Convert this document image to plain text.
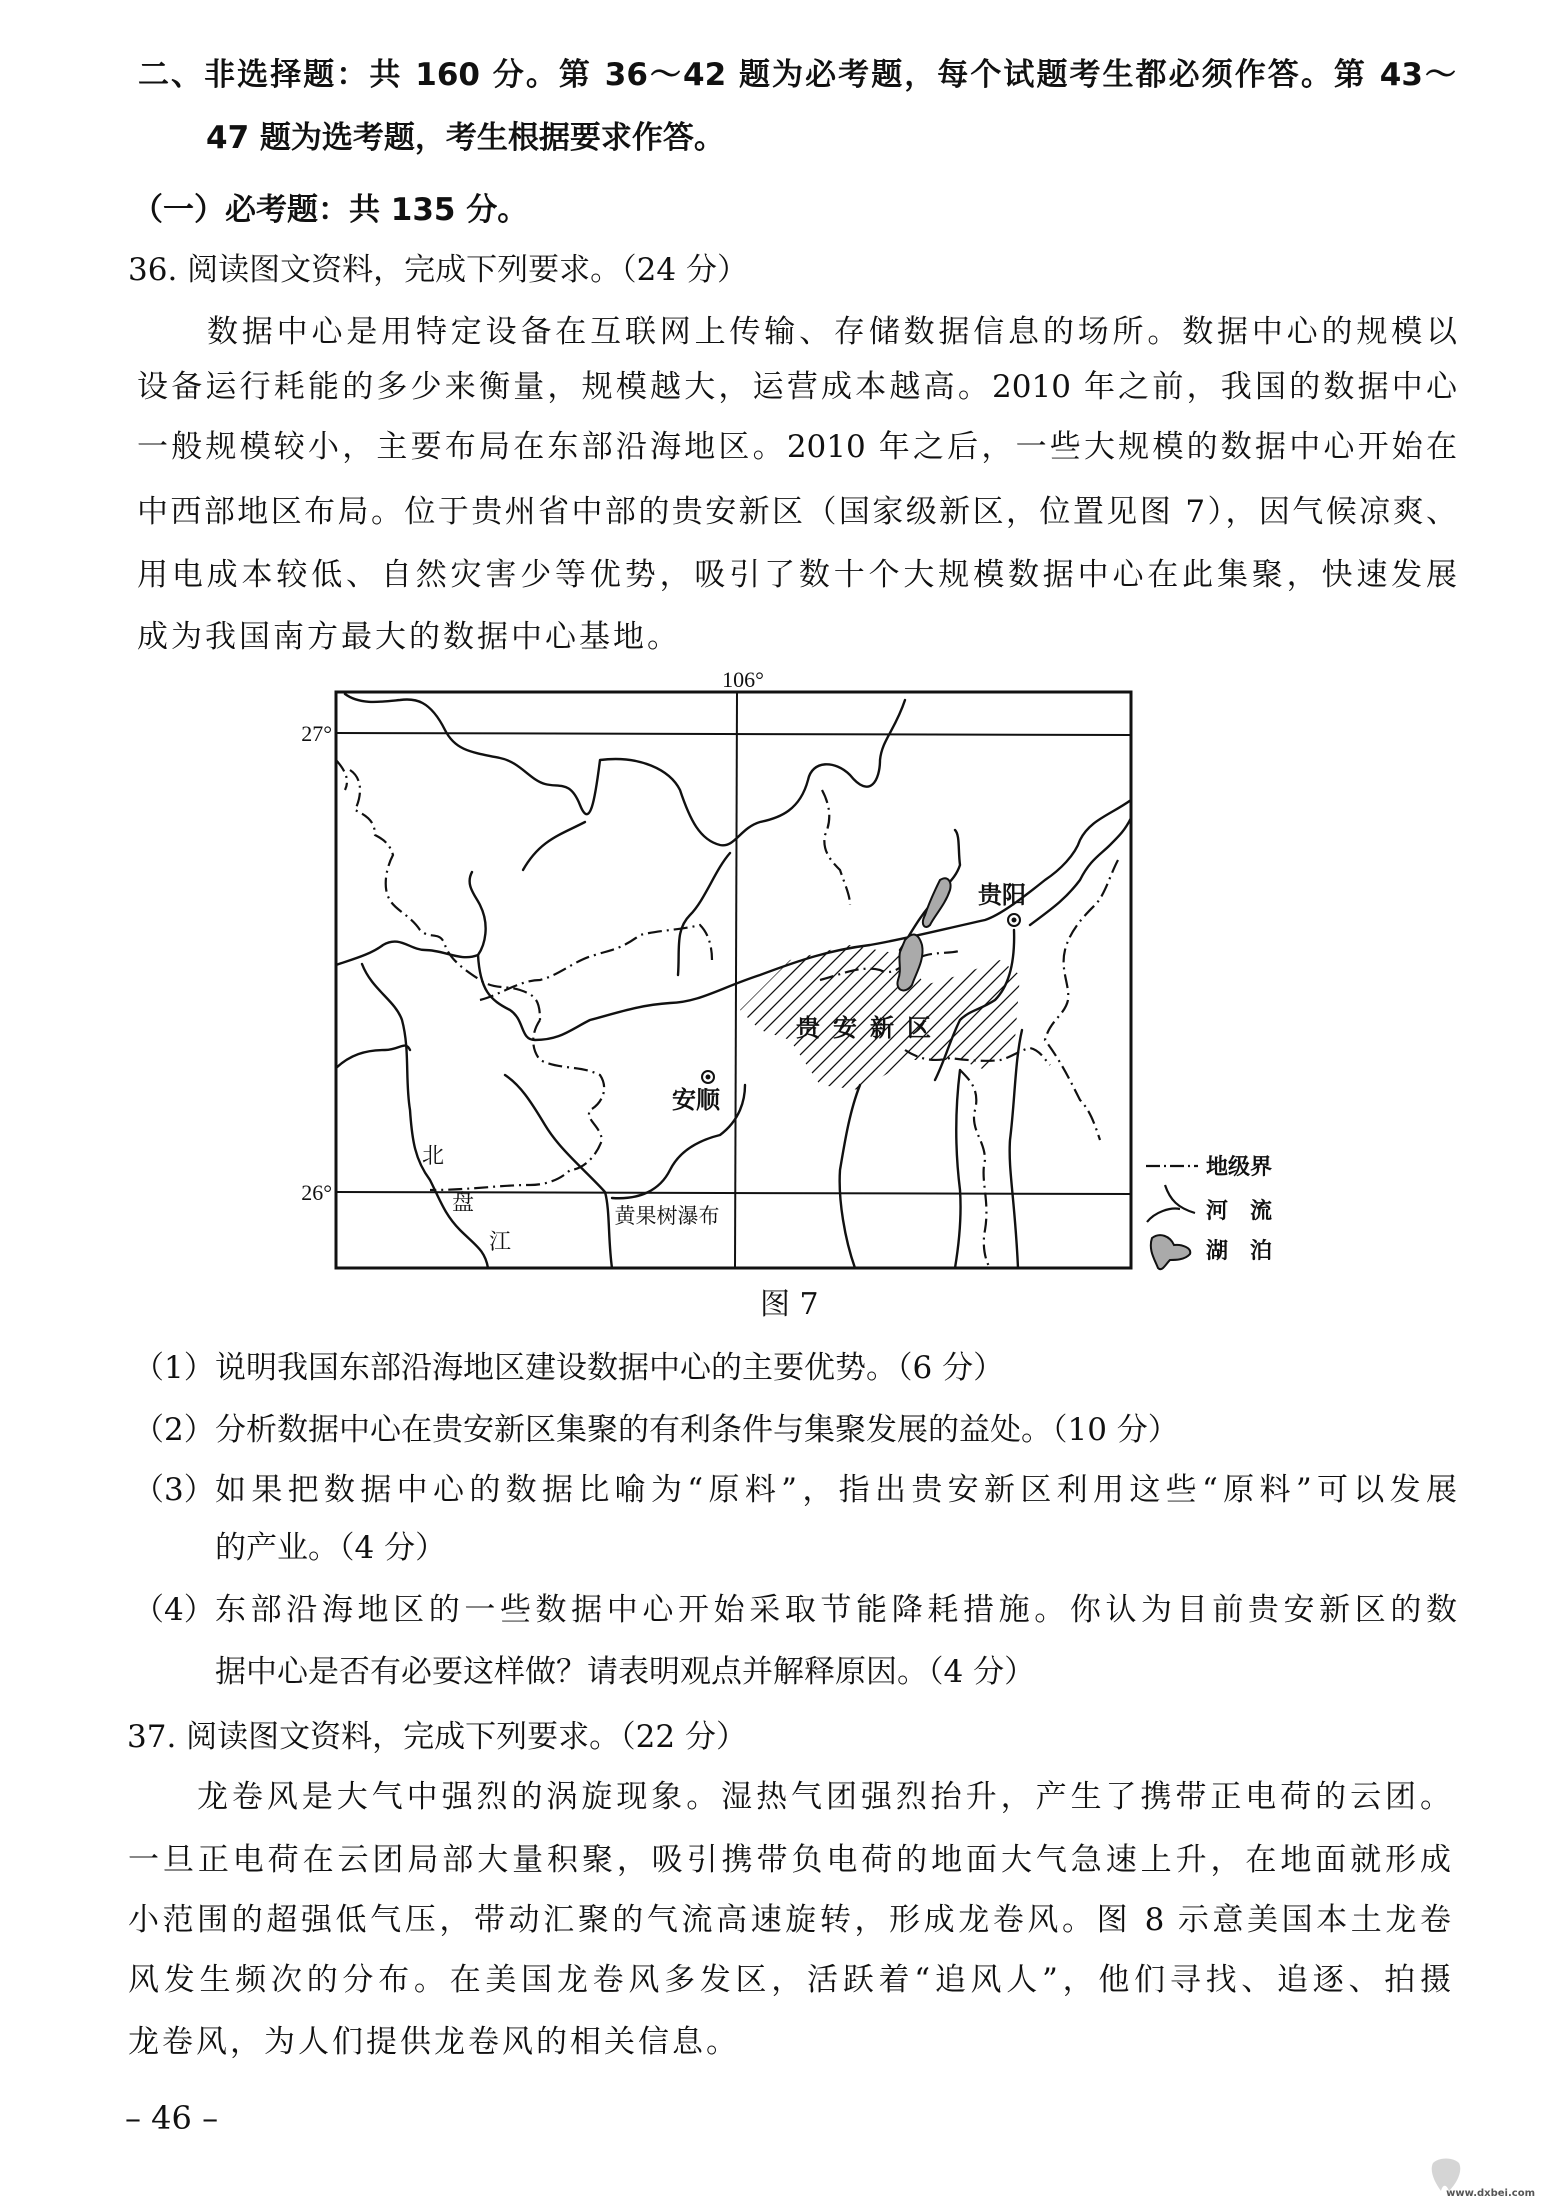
二、非选择题：共 160 分。第 36～42 题为必考题，每个试题考生都必须作答。第 43～
47 题为选考题，考生根据要求作答。
（一）必考题：共 135 分。
36. 阅读图文资料，完成下列要求。（24 分）
数据中心是用特定设备在互联网上传输、存储数据信息的场所。数据中心的规模以
设备运行耗能的多少来衡量，规模越大，运营成本越高。2010 年之前，我国的数据中心
一般规模较小，主要布局在东部沿海地区。2010 年之后，一些大规模的数据中心开始在
中西部地区布局。位于贵州省中部的贵安新区（国家级新区，位置见图 7），因气候凉爽、
用电成本较低、自然灾害少等优势，吸引了数十个大规模数据中心在此集聚，快速发展
成为我国南方最大的数据中心基地。
106°
27°
26°
贵阳
安顺
贵 安 新 区
黄果树瀑布
北
盘
江
地级界
河　流
湖　泊
图 7
（1） 说明我国东部沿海地区建设数据中心的主要优势。（6 分）
（2） 分析数据中心在贵安新区集聚的有利条件与集聚发展的益处。（10 分）
（3） 如果把数据中心的数据比喻为“原料”，指出贵安新区利用这些“原料”可以发展
的产业。（4 分）
（4） 东部沿海地区的一些数据中心开始采取节能降耗措施。你认为目前贵安新区的数
据中心是否有必要这样做？请表明观点并解释原因。（4 分）
37. 阅读图文资料，完成下列要求。（22 分）
龙卷风是大气中强烈的涡旋现象。湿热气团强烈抬升，产生了携带正电荷的云团。
一旦正电荷在云团局部大量积聚，吸引携带负电荷的地面大气急速上升，在地面就形成
小范围的超强低气压，带动汇聚的气流高速旋转，形成龙卷风。图 8 示意美国本土龙卷
风发生频次的分布。在美国龙卷风多发区，活跃着“追风人”，他们寻找、追逐、拍摄
龙卷风，为人们提供龙卷风的相关信息。
– 46 –
www.dxbei.com
